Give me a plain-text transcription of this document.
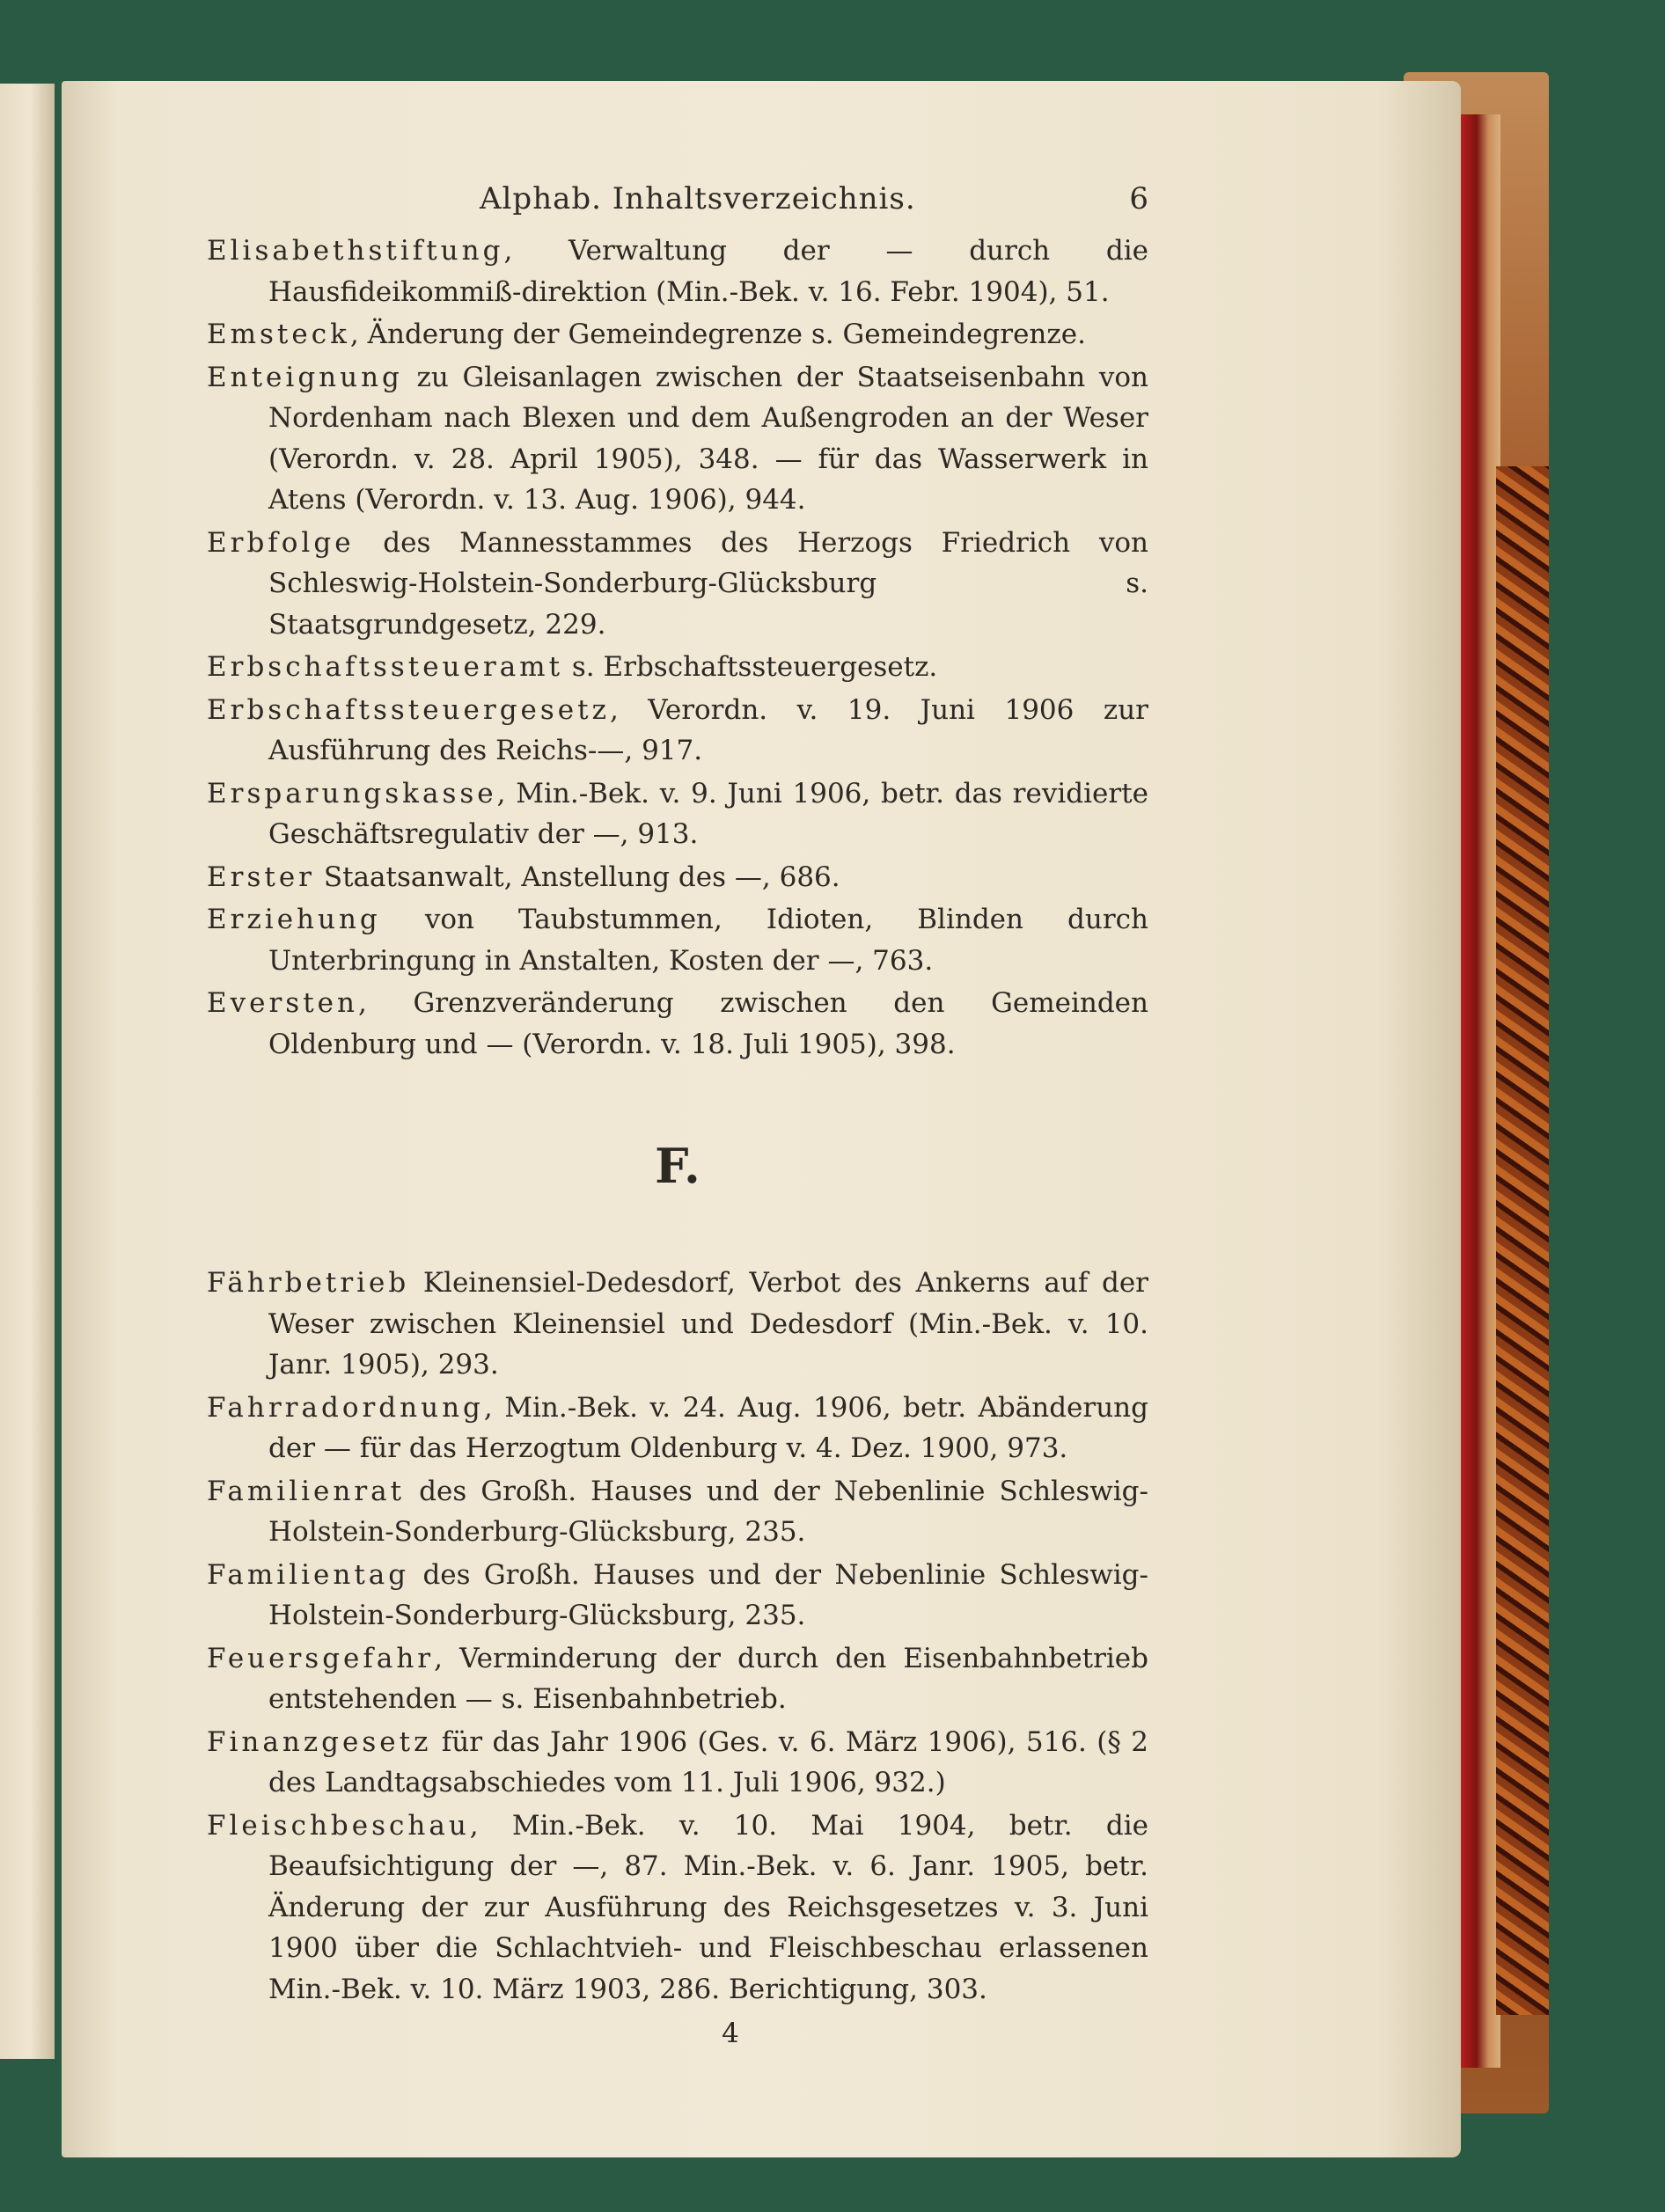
Alphab. Inhaltsverzeichnis.	6

Elisabethstiftung, Verwaltung der — durch die Hausfideikommiß-direktion (Min.-Bek. v. 16. Febr. 1904), 51.

Emsteck, Änderung der Gemeindegrenze s. Gemeindegrenze.

Enteignung zu Gleisanlagen zwischen der Staatseisenbahn von Nordenham nach Blexen und dem Außengroden an der Weser (Verordn. v. 28. April 1905), 348. — für das Wasserwerk in Atens (Verordn. v. 13. Aug. 1906), 944.

Erbfolge des Mannesstammes des Herzogs Friedrich von Schleswig-Holstein-Sonderburg-Glücksburg s. Staatsgrundgesetz, 229.

Erbschaftssteueramt s. Erbschaftssteuergesetz.

Erbschaftssteuergesetz, Verordn. v. 19. Juni 1906 zur Ausführung des Reichs-—, 917.

Ersparungskasse, Min.-Bek. v. 9. Juni 1906, betr. das revidierte Geschäftsregulativ der —, 913.

Erster Staatsanwalt, Anstellung des —, 686.

Erziehung von Taubstummen, Idioten, Blinden durch Unterbringung in Anstalten, Kosten der —, 763.

Eversten, Grenzveränderung zwischen den Gemeinden Oldenburg und — (Verordn. v. 18. Juli 1905), 398.

F.

Fährbetrieb Kleinensiel-Dedesdorf, Verbot des Ankerns auf der Weser zwischen Kleinensiel und Dedesdorf (Min.-Bek. v. 10. Janr. 1905), 293.

Fahrradordnung, Min.-Bek. v. 24. Aug. 1906, betr. Abänderung der — für das Herzogtum Oldenburg v. 4. Dez. 1900, 973.

Familienrat des Großh. Hauses und der Nebenlinie Schleswig-Holstein-Sonderburg-Glücksburg, 235.

Familientag des Großh. Hauses und der Nebenlinie Schleswig-Holstein-Sonderburg-Glücksburg, 235.

Feuersgefahr, Verminderung der durch den Eisenbahnbetrieb entstehenden — s. Eisenbahnbetrieb.

Finanzgesetz für das Jahr 1906 (Ges. v. 6. März 1906), 516. (§ 2 des Landtagsabschiedes vom 11. Juli 1906, 932.)

Fleischbeschau, Min.-Bek. v. 10. Mai 1904, betr. die Beaufsichtigung der —, 87. Min.-Bek. v. 6. Janr. 1905, betr. Änderung der zur Ausführung des Reichsgesetzes v. 3. Juni 1900 über die Schlachtvieh- und Fleischbeschau erlassenen Min.-Bek. v. 10. März 1903, 286. Berichtigung, 303.

4
